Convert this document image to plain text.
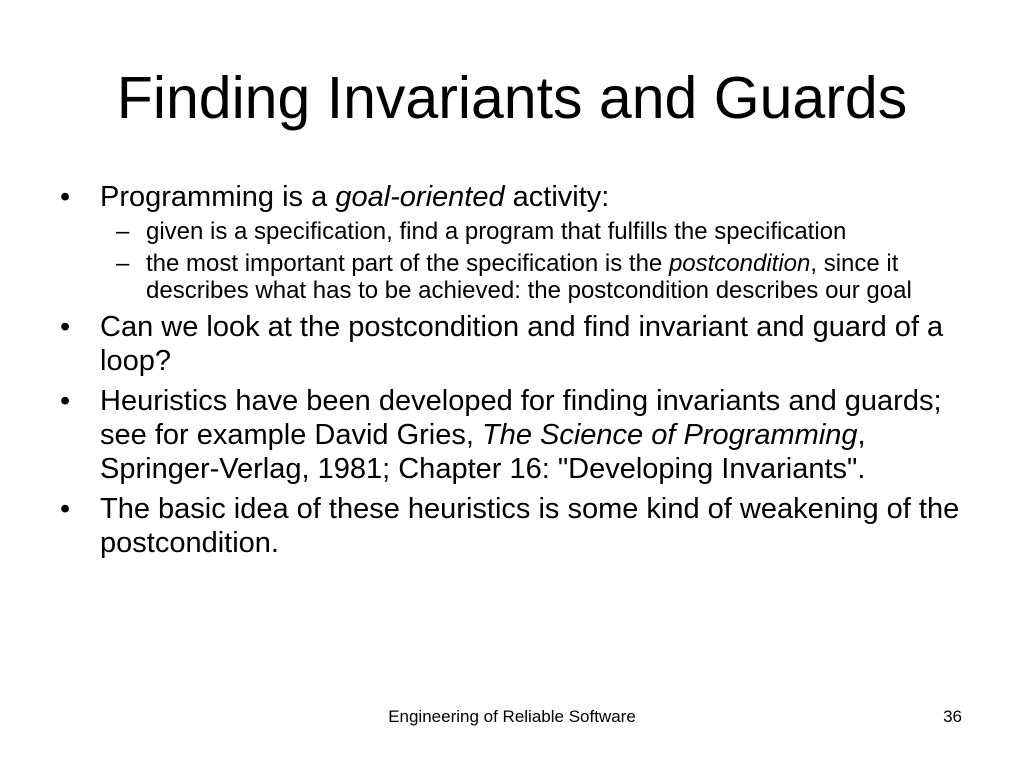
Finding Invariants and Guards
•	Programming is a goal-oriented activity:
– given is a specification, find a program that fulfills the specification
– the most important part of the specification is the postcondition, since it describes what has to be achieved: the postcondition describes our goal
•	Can we look at the postcondition and find invariant and guard of a loop?
•	Heuristics have been developed for finding invariants and guards; see for example David Gries, The Science of Programming, Springer-Verlag, 1981; Chapter 16: "Developing Invariants".
•	The basic idea of these heuristics is some kind of weakening of the postcondition.
Engineering of Reliable Software	36
